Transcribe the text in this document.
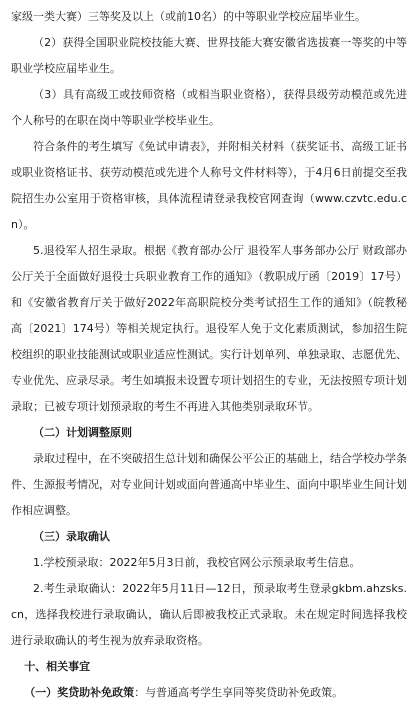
家级一类大赛）三等奖及以上（或前10名）的中等职业学校应届毕业生。

（2）获得全国职业院校技能大赛、世界技能大赛安徽省选拔赛一等奖的中等职业学校应届毕业生。

（3）具有高级工或技师资格（或相当职业资格），获得县级劳动模范或先进个人称号的在职在岗中等职业学校毕业生。

符合条件的考生填写《免试申请表》，并附相关材料（获奖证书、高级工证书或职业资格证书、获劳动模范或先进个人称号文件材料等），于4月6日前提交至我院招生办公室用于资格审核，具体流程请登录我校官网查询（www.czvtc.edu.cn）。

5.退役军人招生录取。根据《教育部办公厅 退役军人事务部办公厅 财政部办公厅关于全面做好退役士兵职业教育工作的通知》（教职成厅函〔2019〕17号）和《安徽省教育厅关于做好2022年高职院校分类考试招生工作的通知》（皖教秘高〔2021〕174号）等相关规定执行。退役军人免于文化素质测试，参加招生院校组织的职业技能测试或职业适应性测试。实行计划单列、单独录取、志愿优先、专业优先、应录尽录。考生如填报未设置专项计划招生的专业，无法按照专项计划录取；已被专项计划预录取的考生不再进入其他类别录取环节。

（二）计划调整原则

录取过程中，在不突破招生总计划和确保公平公正的基础上，结合学校办学条件、生源报考情况，对专业间计划或面向普通高中毕业生、面向中职毕业生间计划作相应调整。

（三）录取确认

1.学校预录取：2022年5月3日前，我校官网公示预录取考生信息。

2.考生录取确认：2022年5月11日—12日，预录取考生登录gkbm.ahzsks.cn，选择我校进行录取确认，确认后即被我校正式录取。未在规定时间选择我校进行录取确认的考生视为放弃录取资格。

十、相关事宜

（一）奖贷助补免政策：与普通高考学生享同等奖贷助补免政策。
